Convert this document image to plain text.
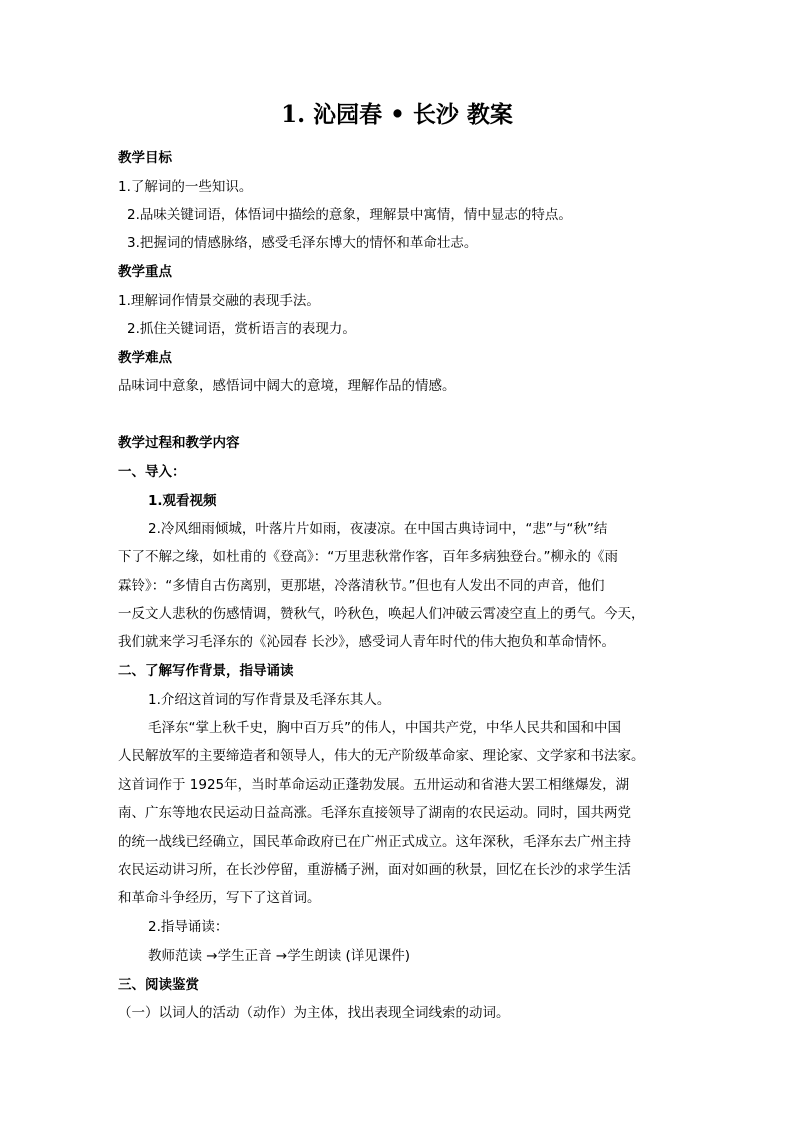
1. 沁园春 • 长沙 教案
教学目标
1.了解词的一些知识。
2.品味关键词语，体悟词中描绘的意象，理解景中寓情，情中显志的特点。
3.把握词的情感脉络，感受毛泽东博大的情怀和革命壮志。
教学重点
1.理解词作情景交融的表现手法。
2.抓住关键词语，赏析语言的表现力。
教学难点
品味词中意象，感悟词中阔大的意境，理解作品的情感。
教学过程和教学内容
一、导入：
1.观看视频
2.冷风细雨倾城，叶落片片如雨，夜凄凉。在中国古典诗词中，“悲”与“秋”结
下了不解之缘，如杜甫的《登高》：“万里悲秋常作客，百年多病独登台。”柳永的《雨
霖铃》：“多情自古伤离别，更那堪，冷落清秋节。”但也有人发出不同的声音，他们
一反文人悲秋的伤感情调，赞秋气，吟秋色，唤起人们冲破云霄凌空直上的勇气。今天，
我们就来学习毛泽东的《沁园春 长沙》，感受词人青年时代的伟大抱负和革命情怀。
二、了解写作背景，指导诵读
1.介绍这首词的写作背景及毛泽东其人。
毛泽东“掌上秋千史，胸中百万兵”的伟人，中国共产党，中华人民共和国和中国
人民解放军的主要缔造者和领导人，伟大的无产阶级革命家、理论家、文学家和书法家。
这首词作于 1925年，当时革命运动正蓬勃发展。五卅运动和省港大罢工相继爆发，湖
南、广东等地农民运动日益高涨。毛泽东直接领导了湖南的农民运动。同时，国共两党
的统一战线已经确立，国民革命政府已在广州正式成立。这年深秋，毛泽东去广州主持
农民运动讲习所，在长沙停留，重游橘子洲，面对如画的秋景，回忆在长沙的求学生活
和革命斗争经历，写下了这首词。
2.指导诵读：
教师范读 →学生正音 →学生朗读 (详见课件)
三、阅读鉴赏
（一）以词人的活动（动作）为主体，找出表现全词线索的动词。
